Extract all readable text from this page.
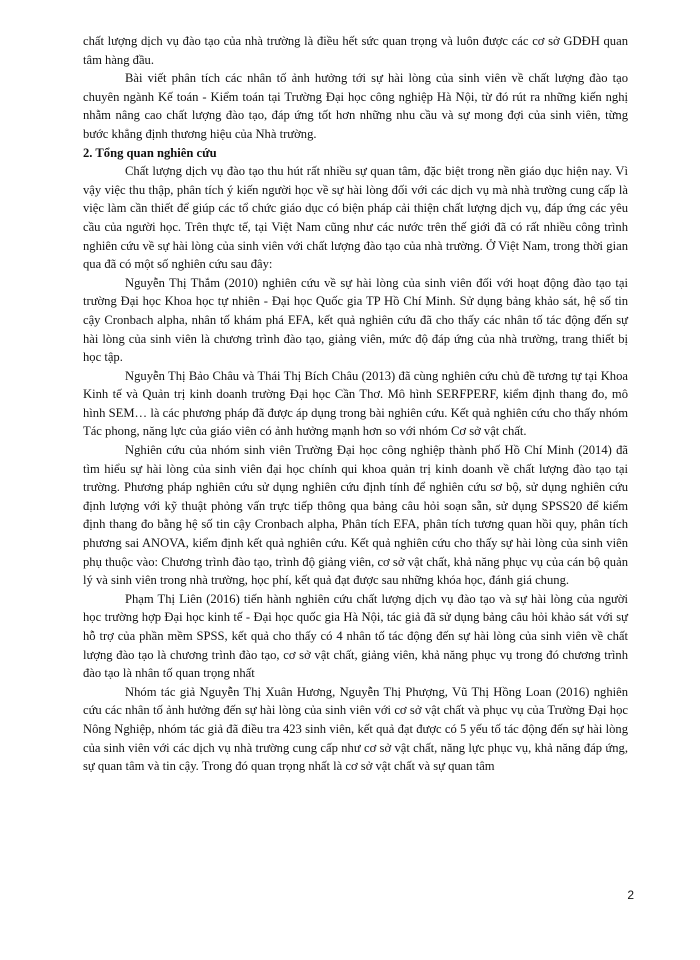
chất lượng dịch vụ đào tạo của nhà trường là điều hết sức quan trọng và luôn được các cơ sở GDĐH quan tâm hàng đầu.

Bài viết phân tích các nhân tố ảnh hưởng tới sự hài lòng của sinh viên về chất lượng đào tạo chuyên ngành Kế toán - Kiểm toán tại Trường Đại học công nghiệp Hà Nội, từ đó rút ra những kiến nghị nhằm nâng cao chất lượng đào tạo, đáp ứng tốt hơn những nhu cầu và sự mong đợi của sinh viên, từng bước khẳng định thương hiệu của Nhà trường.

2. Tổng quan nghiên cứu

Chất lượng dịch vụ đào tạo thu hút rất nhiều sự quan tâm, đặc biệt trong nền giáo dục hiện nay. Vì vậy việc thu thập, phân tích ý kiến người học về sự hài lòng đối với các dịch vụ mà nhà trường cung cấp là việc làm cần thiết để giúp các tổ chức giáo dục có biện pháp cải thiện chất lượng dịch vụ, đáp ứng các yêu cầu của người học. Trên thực tế, tại Việt Nam cũng như các nước trên thế giới đã có rất nhiều công trình nghiên cứu về sự hài lòng của sinh viên với chất lượng đào tạo của nhà trường. Ở Việt Nam, trong thời gian qua đã có một số nghiên cứu sau đây:

Nguyễn Thị Thắm (2010) nghiên cứu về sự hài lòng của sinh viên đối với hoạt động đào tạo tại trường Đại học Khoa học tự nhiên - Đại học Quốc gia TP Hồ Chí Minh. Sử dụng bảng khảo sát, hệ số tin cậy Cronbach alpha, nhân tố khám phá EFA, kết quả nghiên cứu đã cho thấy các nhân tố tác động đến sự hài lòng của sinh viên là chương trình đào tạo, giảng viên, mức độ đáp ứng của nhà trường, trang thiết bị học tập.

Nguyễn Thị Bảo Châu và Thái Thị Bích Châu (2013) đã cùng nghiên cứu chủ đề tương tự tại Khoa Kinh tế và Quản trị kinh doanh trường Đại học Cần Thơ. Mô hình SERFPERF, kiểm định thang đo, mô hình SEM… là các phương pháp đã được áp dụng trong bài nghiên cứu. Kết quả nghiên cứu cho thấy nhóm Tác phong, năng lực của giáo viên có ảnh hưởng mạnh hơn so với nhóm Cơ sở vật chất.

Nghiên cứu của nhóm sinh viên Trường Đại học công nghiệp thành phố Hồ Chí Minh (2014) đã tìm hiểu sự hài lòng của sinh viên đại học chính qui khoa quản trị kinh doanh về chất lượng đào tạo tại trường. Phương pháp nghiên cứu sử dụng nghiên cứu định tính để nghiên cứu sơ bộ, sử dụng nghiên cứu định lượng với kỹ thuật phỏng vấn trực tiếp thông qua bảng câu hỏi soạn sẵn, sử dụng SPSS20 để kiểm định thang đo bằng hệ số tin cậy Cronbach alpha, Phân tích EFA, phân tích tương quan hồi quy, phân tích phương sai ANOVA, kiểm định kết quả nghiên cứu. Kết quả nghiên cứu cho thấy sự hài lòng của sinh viên phụ thuộc vào: Chương trình đào tạo, trình độ giảng viên, cơ sở vật chất, khả năng phục vụ của cán bộ quản lý và sinh viên trong nhà trường, học phí, kết quả đạt được sau những khóa học, đánh giá chung.

Phạm Thị Liên (2016) tiến hành nghiên cứu chất lượng dịch vụ đào tạo và sự hài lòng của người học trường hợp Đại học kinh tế - Đại học quốc gia Hà Nội, tác giả đã sử dụng bảng câu hỏi khảo sát với sự hỗ trợ của phần mềm SPSS, kết quả cho thấy có 4 nhân tố tác động đến sự hài lòng của sinh viên về chất lượng đào tạo là chương trình đào tạo, cơ sở vật chất, giảng viên, khả năng phục vụ trong đó chương trình đào tạo là nhân tố quan trọng nhất

Nhóm tác giả Nguyễn Thị Xuân Hương, Nguyễn Thị Phượng, Vũ Thị Hồng Loan (2016) nghiên cứu các nhân tố ảnh hưởng đến sự hài lòng của sinh viên với cơ sở vật chất và phục vụ của Trường Đại học Nông Nghiệp, nhóm tác giả đã điều tra 423 sinh viên, kết quả đạt được có 5 yếu tố tác động đến sự hài lòng của sinh viên với các dịch vụ nhà trường cung cấp như cơ sở vật chất, năng lực phục vụ, khả năng đáp ứng, sự quan tâm và tin cậy. Trong đó quan trọng nhất là cơ sở vật chất và sự quan tâm

2
